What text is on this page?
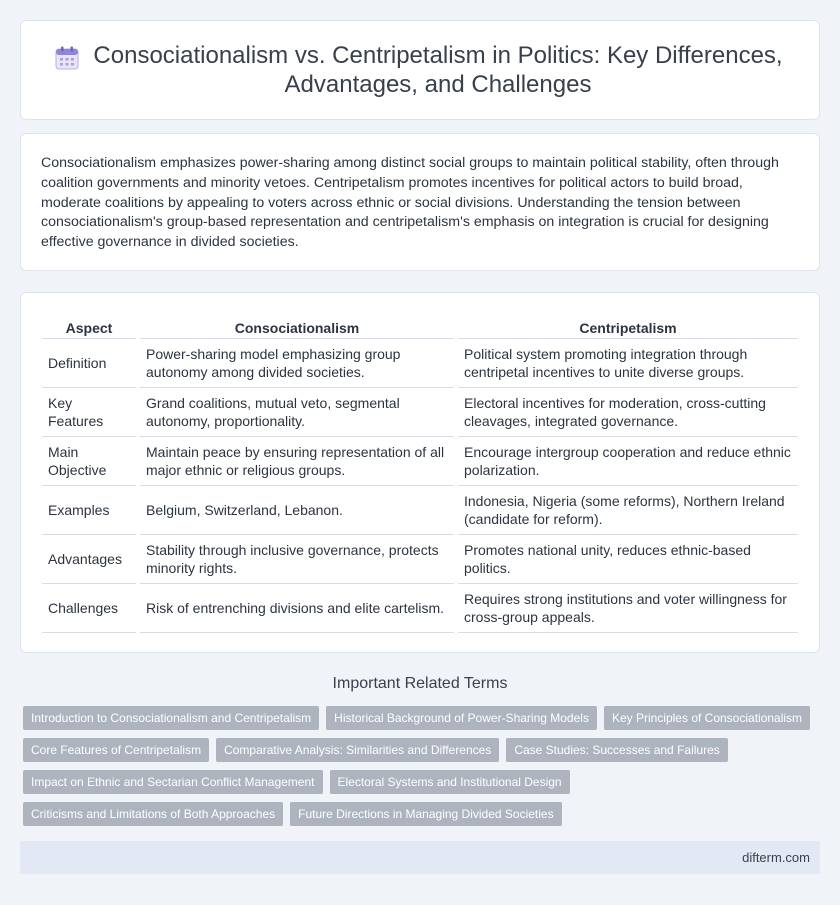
Consociationalism vs. Centripetalism in Politics: Key Differences, Advantages, and Challenges

Consociationalism emphasizes power-sharing among distinct social groups to maintain political stability, often through coalition governments and minority vetoes. Centripetalism promotes incentives for political actors to build broad, moderate coalitions by appealing to voters across ethnic or social divisions. Understanding the tension between consociationalism's group-based representation and centripetalism's emphasis on integration is crucial for designing effective governance in divided societies.

Aspect	Consociationalism	Centripetalism
Definition	Power-sharing model emphasizing group autonomy among divided societies.	Political system promoting integration through centripetal incentives to unite diverse groups.
Key Features	Grand coalitions, mutual veto, segmental autonomy, proportionality.	Electoral incentives for moderation, cross-cutting cleavages, integrated governance.
Main Objective	Maintain peace by ensuring representation of all major ethnic or religious groups.	Encourage intergroup cooperation and reduce ethnic polarization.
Examples	Belgium, Switzerland, Lebanon.	Indonesia, Nigeria (some reforms), Northern Ireland (candidate for reform).
Advantages	Stability through inclusive governance, protects minority rights.	Promotes national unity, reduces ethnic-based politics.
Challenges	Risk of entrenching divisions and elite cartelism.	Requires strong institutions and voter willingness for cross-group appeals.
Important Related Terms
Introduction to Consociationalism and Centripetalism	Historical Background of Power-Sharing Models	Key Principles of Consociationalism
Core Features of Centripetalism	Comparative Analysis: Similarities and Differences	Case Studies: Successes and Failures
Impact on Ethnic and Sectarian Conflict Management	Electoral Systems and Institutional Design
Criticisms and Limitations of Both Approaches	Future Directions in Managing Divided Societies
difterm.com
